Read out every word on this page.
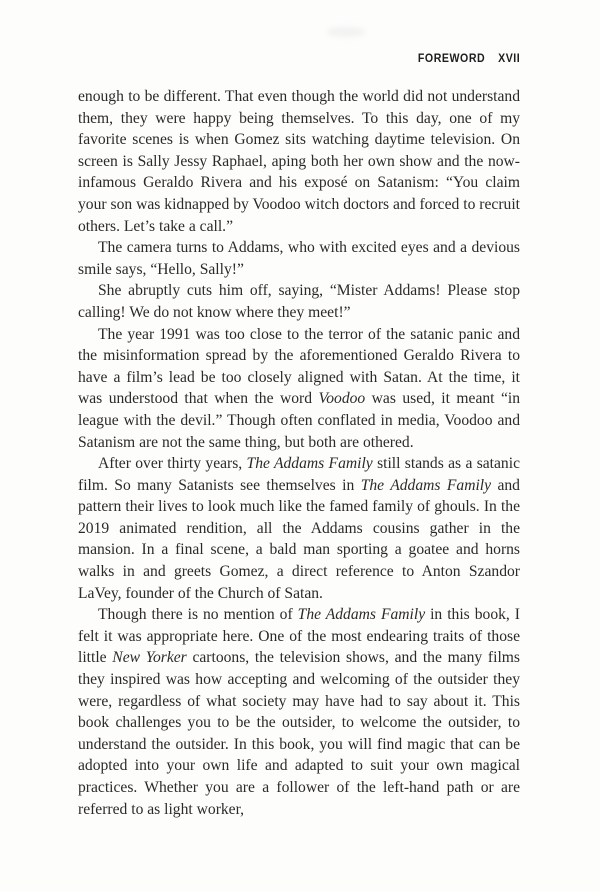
FOREWORD XVII

enough to be different. That even though the world did not understand them, they were happy being themselves. To this day, one of my favorite scenes is when Gomez sits watching daytime television. On screen is Sally Jessy Raphael, aping both her own show and the now-infamous Geraldo Rivera and his exposé on Satanism: “You claim your son was kidnapped by Voodoo witch doctors and forced to recruit others. Let’s take a call.”

The camera turns to Addams, who with excited eyes and a devious smile says, “Hello, Sally!”

She abruptly cuts him off, saying, “Mister Addams! Please stop calling! We do not know where they meet!”

The year 1991 was too close to the terror of the satanic panic and the misinformation spread by the aforementioned Geraldo Rivera to have a film’s lead be too closely aligned with Satan. At the time, it was understood that when the word Voodoo was used, it meant “in league with the devil.” Though often conflated in media, Voodoo and Satanism are not the same thing, but both are othered.

After over thirty years, The Addams Family still stands as a satanic film. So many Satanists see themselves in The Addams Family and pattern their lives to look much like the famed family of ghouls. In the 2019 animated rendition, all the Addams cousins gather in the mansion. In a final scene, a bald man sporting a goatee and horns walks in and greets Gomez, a direct reference to Anton Szandor LaVey, founder of the Church of Satan.

Though there is no mention of The Addams Family in this book, I felt it was appropriate here. One of the most endearing traits of those little New Yorker cartoons, the television shows, and the many films they inspired was how accepting and welcoming of the outsider they were, regardless of what society may have had to say about it. This book challenges you to be the outsider, to welcome the outsider, to understand the outsider. In this book, you will find magic that can be adopted into your own life and adapted to suit your own magical practices. Whether you are a follower of the left-hand path or are referred to as light worker,
